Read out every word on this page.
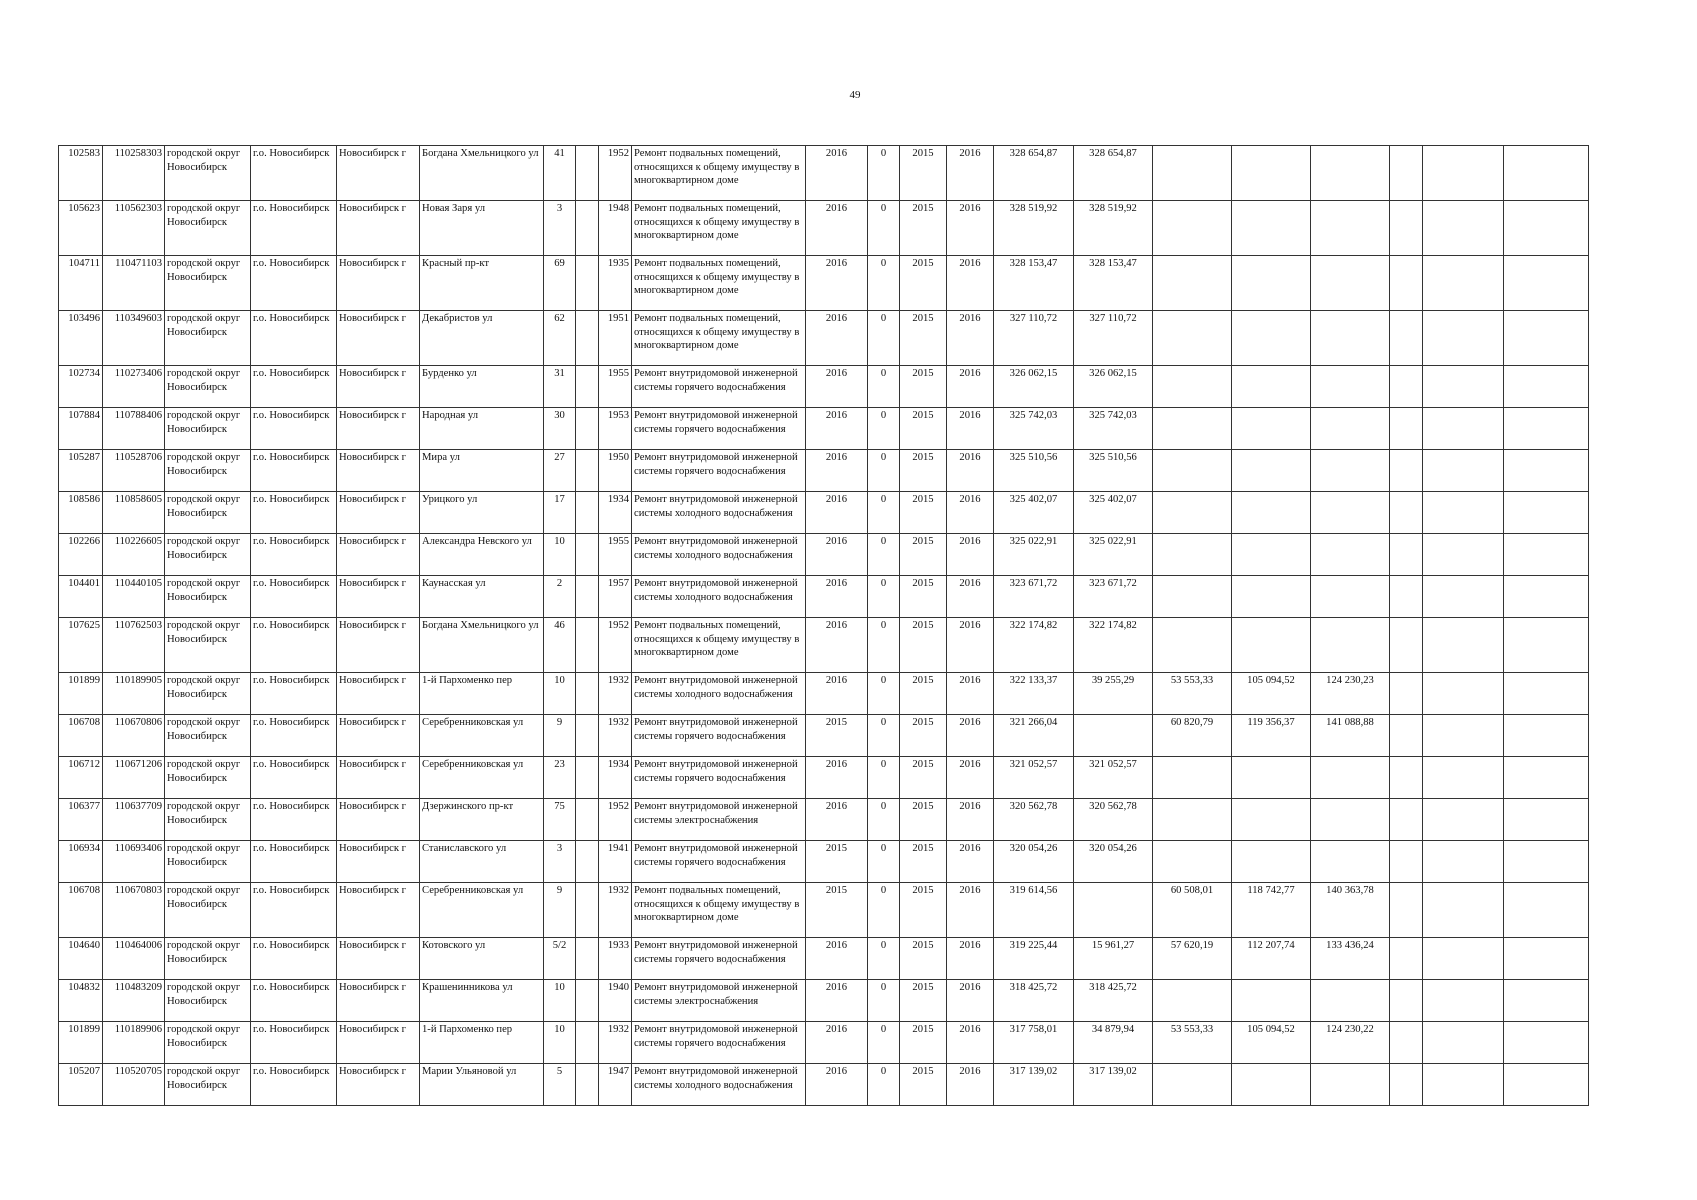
49
102583	110258303	городской округ Новосибирск	г.о. Новосибирск	Новосибирск г	Богдана Хмельницкого ул	41		1952	Ремонт подвальных помещений, относящихся к общему имуществу в многоквартирном доме	2016	0	2015	2016	328 654,87	328 654,87						
105623	110562303	городской округ Новосибирск	г.о. Новосибирск	Новосибирск г	Новая Заря ул	3		1948	Ремонт подвальных помещений, относящихся к общему имуществу в многоквартирном доме	2016	0	2015	2016	328 519,92	328 519,92						
104711	110471103	городской округ Новосибирск	г.о. Новосибирск	Новосибирск г	Красный пр-кт	69		1935	Ремонт подвальных помещений, относящихся к общему имуществу в многоквартирном доме	2016	0	2015	2016	328 153,47	328 153,47						
103496	110349603	городской округ Новосибирск	г.о. Новосибирск	Новосибирск г	Декабристов ул	62		1951	Ремонт подвальных помещений, относящихся к общему имуществу в многоквартирном доме	2016	0	2015	2016	327 110,72	327 110,72						
102734	110273406	городской округ Новосибирск	г.о. Новосибирск	Новосибирск г	Бурденко ул	31		1955	Ремонт внутридомовой инженерной системы горячего водоснабжения	2016	0	2015	2016	326 062,15	326 062,15						
107884	110788406	городской округ Новосибирск	г.о. Новосибирск	Новосибирск г	Народная ул	30		1953	Ремонт внутридомовой инженерной системы горячего водоснабжения	2016	0	2015	2016	325 742,03	325 742,03						
105287	110528706	городской округ Новосибирск	г.о. Новосибирск	Новосибирск г	Мира ул	27		1950	Ремонт внутридомовой инженерной системы горячего водоснабжения	2016	0	2015	2016	325 510,56	325 510,56						
108586	110858605	городской округ Новосибирск	г.о. Новосибирск	Новосибирск г	Урицкого ул	17		1934	Ремонт внутридомовой инженерной системы холодного водоснабжения	2016	0	2015	2016	325 402,07	325 402,07						
102266	110226605	городской округ Новосибирск	г.о. Новосибирск	Новосибирск г	Александра Невского ул	10		1955	Ремонт внутридомовой инженерной системы холодного водоснабжения	2016	0	2015	2016	325 022,91	325 022,91						
104401	110440105	городской округ Новосибирск	г.о. Новосибирск	Новосибирск г	Каунасская ул	2		1957	Ремонт внутридомовой инженерной системы холодного водоснабжения	2016	0	2015	2016	323 671,72	323 671,72						
107625	110762503	городской округ Новосибирск	г.о. Новосибирск	Новосибирск г	Богдана Хмельницкого ул	46		1952	Ремонт подвальных помещений, относящихся к общему имуществу в многоквартирном доме	2016	0	2015	2016	322 174,82	322 174,82						
101899	110189905	городской округ Новосибирск	г.о. Новосибирск	Новосибирск г	1-й Пархоменко пер	10		1932	Ремонт внутридомовой инженерной системы холодного водоснабжения	2016	0	2015	2016	322 133,37	39 255,29	53 553,33	105 094,52	124 230,23			
106708	110670806	городской округ Новосибирск	г.о. Новосибирск	Новосибирск г	Серебренниковская ул	9		1932	Ремонт внутридомовой инженерной системы горячего водоснабжения	2015	0	2015	2016	321 266,04		60 820,79	119 356,37	141 088,88			
106712	110671206	городской округ Новосибирск	г.о. Новосибирск	Новосибирск г	Серебренниковская ул	23		1934	Ремонт внутридомовой инженерной системы горячего водоснабжения	2016	0	2015	2016	321 052,57	321 052,57						
106377	110637709	городской округ Новосибирск	г.о. Новосибирск	Новосибирск г	Дзержинского пр-кт	75		1952	Ремонт внутридомовой инженерной системы электроснабжения	2016	0	2015	2016	320 562,78	320 562,78						
106934	110693406	городской округ Новосибирск	г.о. Новосибирск	Новосибирск г	Станиславского ул	3		1941	Ремонт внутридомовой инженерной системы горячего водоснабжения	2015	0	2015	2016	320 054,26	320 054,26						
106708	110670803	городской округ Новосибирск	г.о. Новосибирск	Новосибирск г	Серебренниковская ул	9		1932	Ремонт подвальных помещений, относящихся к общему имуществу в многоквартирном доме	2015	0	2015	2016	319 614,56		60 508,01	118 742,77	140 363,78			
104640	110464006	городской округ Новосибирск	г.о. Новосибирск	Новосибирск г	Котовского ул	5/2		1933	Ремонт внутридомовой инженерной системы горячего водоснабжения	2016	0	2015	2016	319 225,44	15 961,27	57 620,19	112 207,74	133 436,24			
104832	110483209	городской округ Новосибирск	г.о. Новосибирск	Новосибирск г	Крашенинникова ул	10		1940	Ремонт внутридомовой инженерной системы электроснабжения	2016	0	2015	2016	318 425,72	318 425,72						
101899	110189906	городской округ Новосибирск	г.о. Новосибирск	Новосибирск г	1-й Пархоменко пер	10		1932	Ремонт внутридомовой инженерной системы горячего водоснабжения	2016	0	2015	2016	317 758,01	34 879,94	53 553,33	105 094,52	124 230,22			
105207	110520705	городской округ Новосибирск	г.о. Новосибирск	Новосибирск г	Марии Ульяновой ул	5		1947	Ремонт внутридомовой инженерной системы холодного водоснабжения	2016	0	2015	2016	317 139,02	317 139,02						
